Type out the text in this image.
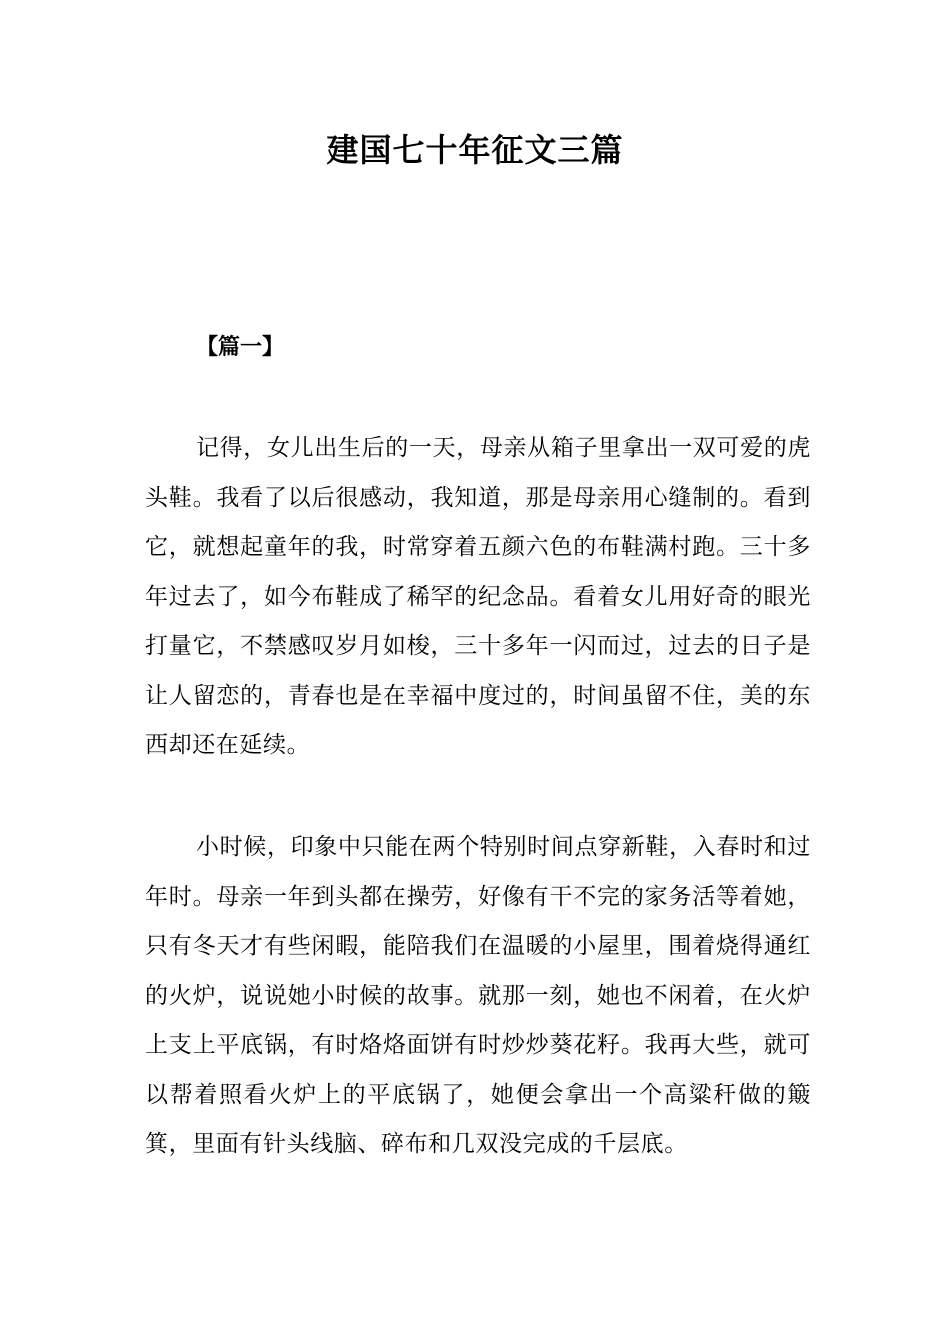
建国七十年征文三篇
【篇一】

记得，女儿出生后的一天，母亲从箱子里拿出一双可爱的虎头鞋。我看了以后很感动，我知道，那是母亲用心缝制的。看到它，就想起童年的我，时常穿着五颜六色的布鞋满村跑。三十多年过去了，如今布鞋成了稀罕的纪念品。看着女儿用好奇的眼光打量它，不禁感叹岁月如梭，三十多年一闪而过，过去的日子是让人留恋的，青春也是在幸福中度过的，时间虽留不住，美的东西却还在延续。

小时候，印象中只能在两个特别时间点穿新鞋，入春时和过年时。母亲一年到头都在操劳，好像有干不完的家务活等着她，只有冬天才有些闲暇，能陪我们在温暖的小屋里，围着烧得通红的火炉，说说她小时候的故事。就那一刻，她也不闲着，在火炉上支上平底锅，有时烙烙面饼有时炒炒葵花籽。我再大些，就可以帮着照看火炉上的平底锅了，她便会拿出一个高粱秆做的簸箕，里面有针头线脑、碎布和几双没完成的千层底。
